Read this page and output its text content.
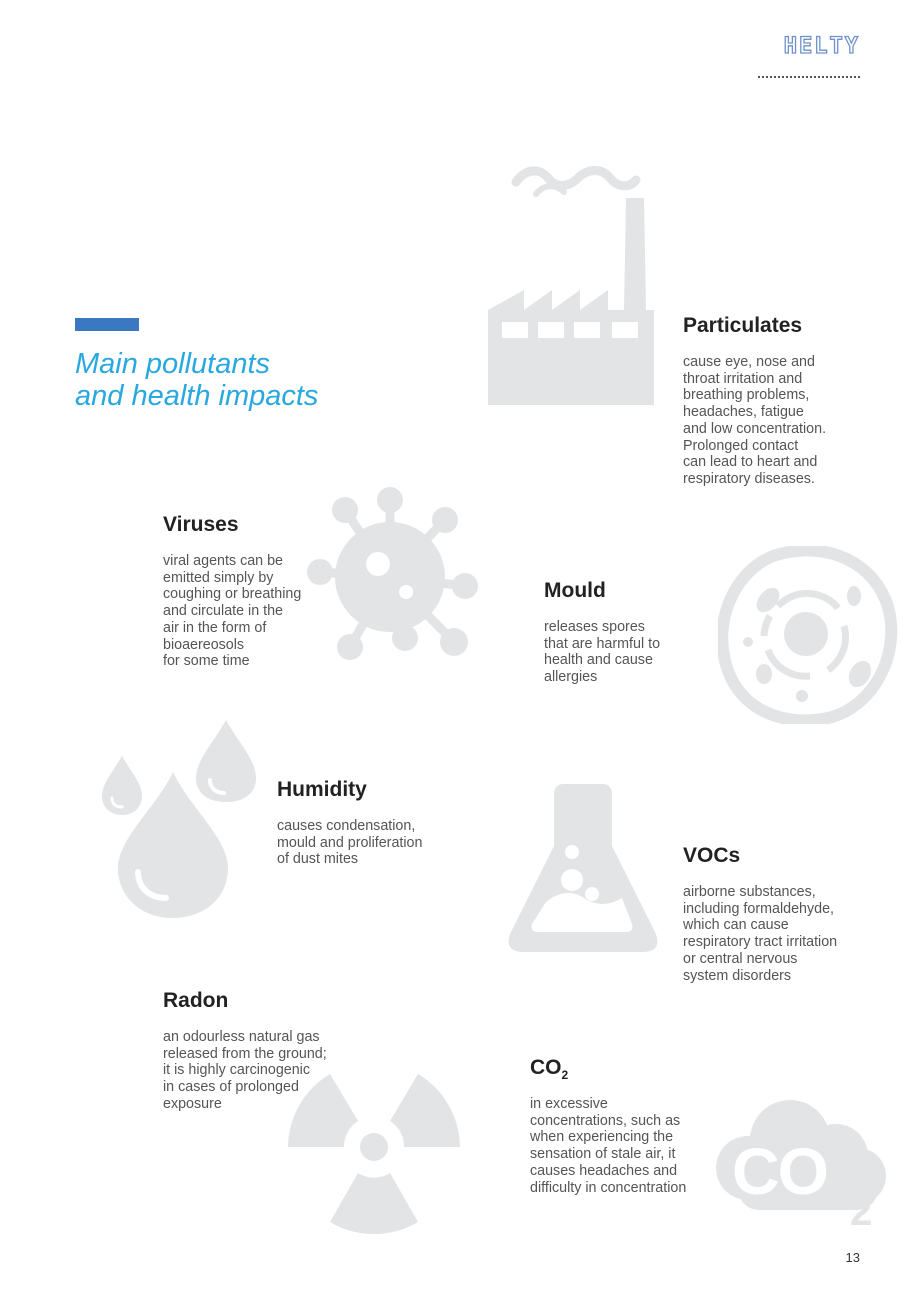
HELTY
Main pollutants
and health impacts
CO
2
Particulates

cause eye, nose and
throat irritation and
breathing problems,
headaches, fatigue
and low concentration.
Prolonged contact
can lead to heart and
respiratory diseases.

Viruses

viral agents can be
emitted simply by
coughing or breathing
and circulate in the
air in the form of
bioaereosols
for some time

Mould

releases spores
that are harmful to
health and cause
allergies

Humidity

causes condensation,
mould and proliferation
of dust mites	VOCs

airborne substances,
including formaldehyde,
which can cause
respiratory tract irritation
or central nervous
system disorders

Radon

an odourless natural gas
released from the ground;
it is highly carcinogenic
in cases of prolonged
exposure

$CO_2$

in excessive
concentrations, such as
when experiencing the
sensation of stale air, it
causes headaches and
difficulty in concentration

13
